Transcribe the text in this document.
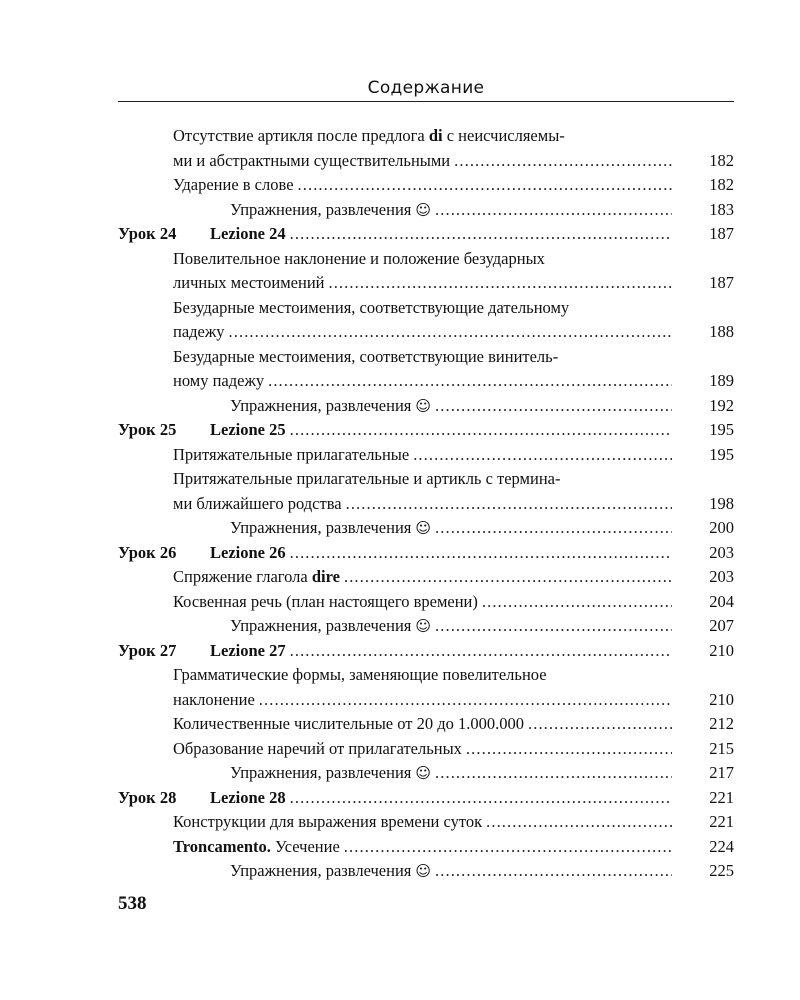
Содержание
Отсутствие артикля после предлога di с неисчисляемы-
ми и абстрактными существительными .....	182
Ударение в слове .....	182
Упражнения, развлечения ☺ .....	183
Урок 24 Lezione 24 .....	187
Повелительное наклонение и положение безударных
личных местоимений .....	187
Безударные местоимения, соответствующие дательному
падежу .....	188
Безударные местоимения, соответствующие винитель-
ному падежу .....	189
Упражнения, развлечения ☺ .....	192
Урок 25 Lezione 25 .....	195
Притяжательные прилагательные .....	195
Притяжательные прилагательные и артикль с термина-
ми ближайшего родства .....	198
Упражнения, развлечения ☺ .....	200
Урок 26 Lezione 26 .....	203
Спряжение глагола dire .....	203
Косвенная речь (план настоящего времени) .....	204
Упражнения, развлечения ☺ .....	207
Урок 27 Lezione 27 .....	210
Грамматические формы, заменяющие повелительное
наклонение .....	210
Количественные числительные от 20 до 1.000.000 .....	212
Образование наречий от прилагательных .....	215
Упражнения, развлечения ☺ .....	217
Урок 28 Lezione 28 .....	221
Конструкции для выражения времени суток .....	221
Troncamento. Усечение .....	224
Упражнения, развлечения ☺ .....	225
538
